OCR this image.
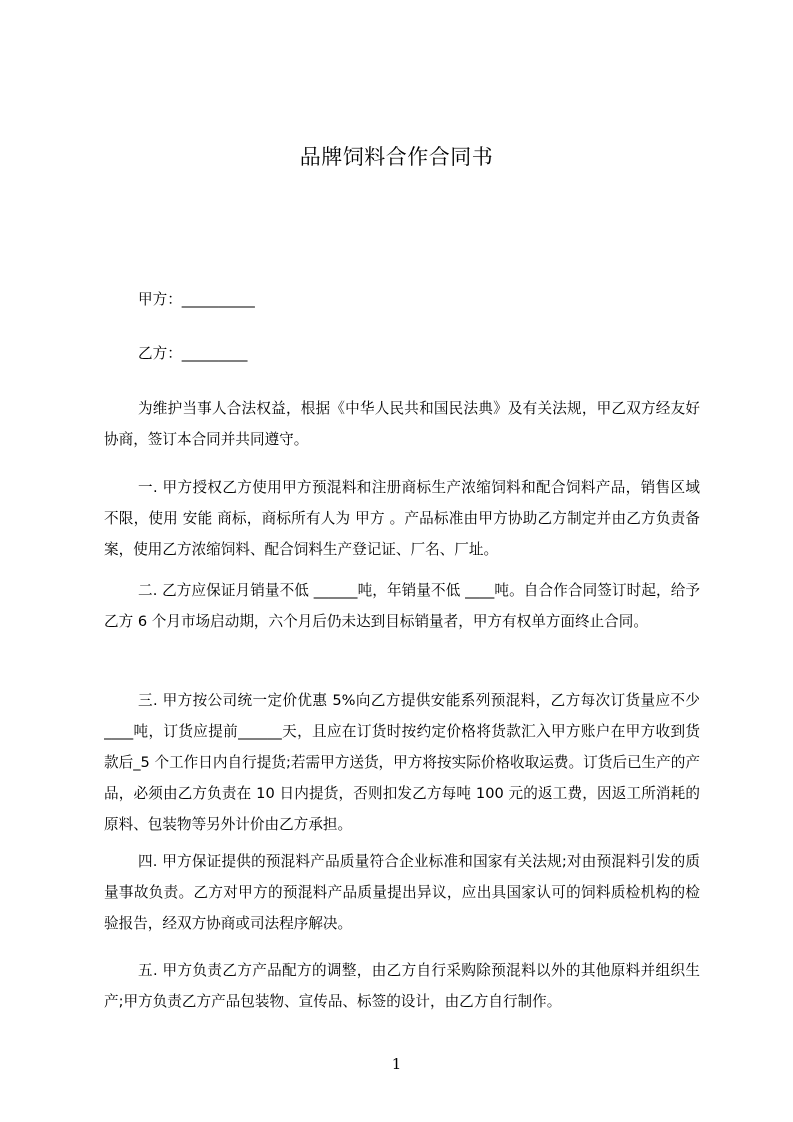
品牌饲料合作合同书
甲方：__________
乙方：_________

为维护当事人合法权益，根据《中华人民共和国民法典》及有关法规，甲乙双方经友好协商，签订本合同并共同遵守。

一. 甲方授权乙方使用甲方预混料和注册商标生产浓缩饲料和配合饲料产品，销售区域不限，使用 安能 商标，商标所有人为 甲方 。产品标准由甲方协助乙方制定并由乙方负责备案，使用乙方浓缩饲料、配合饲料生产登记证、厂名、厂址。

二. 乙方应保证月销量不低 ______吨，年销量不低 ____吨。自合作合同签订时起，给予乙方 6 个月市场启动期，六个月后仍未达到目标销量者，甲方有权单方面终止合同。

三. 甲方按公司统一定价优惠 5%向乙方提供安能系列预混料，乙方每次订货量应不少 ____吨，订货应提前______天，且应在订货时按约定价格将货款汇入甲方账户在甲方收到货款后_5 个工作日内自行提货;若需甲方送货，甲方将按实际价格收取运费。订货后已生产的产品，必须由乙方负责在 10 日内提货，否则扣发乙方每吨 100 元的返工费，因返工所消耗的原料、包装物等另外计价由乙方承担。

四. 甲方保证提供的预混料产品质量符合企业标准和国家有关法规;对由预混料引发的质量事故负责。乙方对甲方的预混料产品质量提出异议，应出具国家认可的饲料质检机构的检验报告，经双方协商或司法程序解决。

五. 甲方负责乙方产品配方的调整，由乙方自行采购除预混料以外的其他原料并组织生产;甲方负责乙方产品包装物、宣传品、标签的设计，由乙方自行制作。

1
